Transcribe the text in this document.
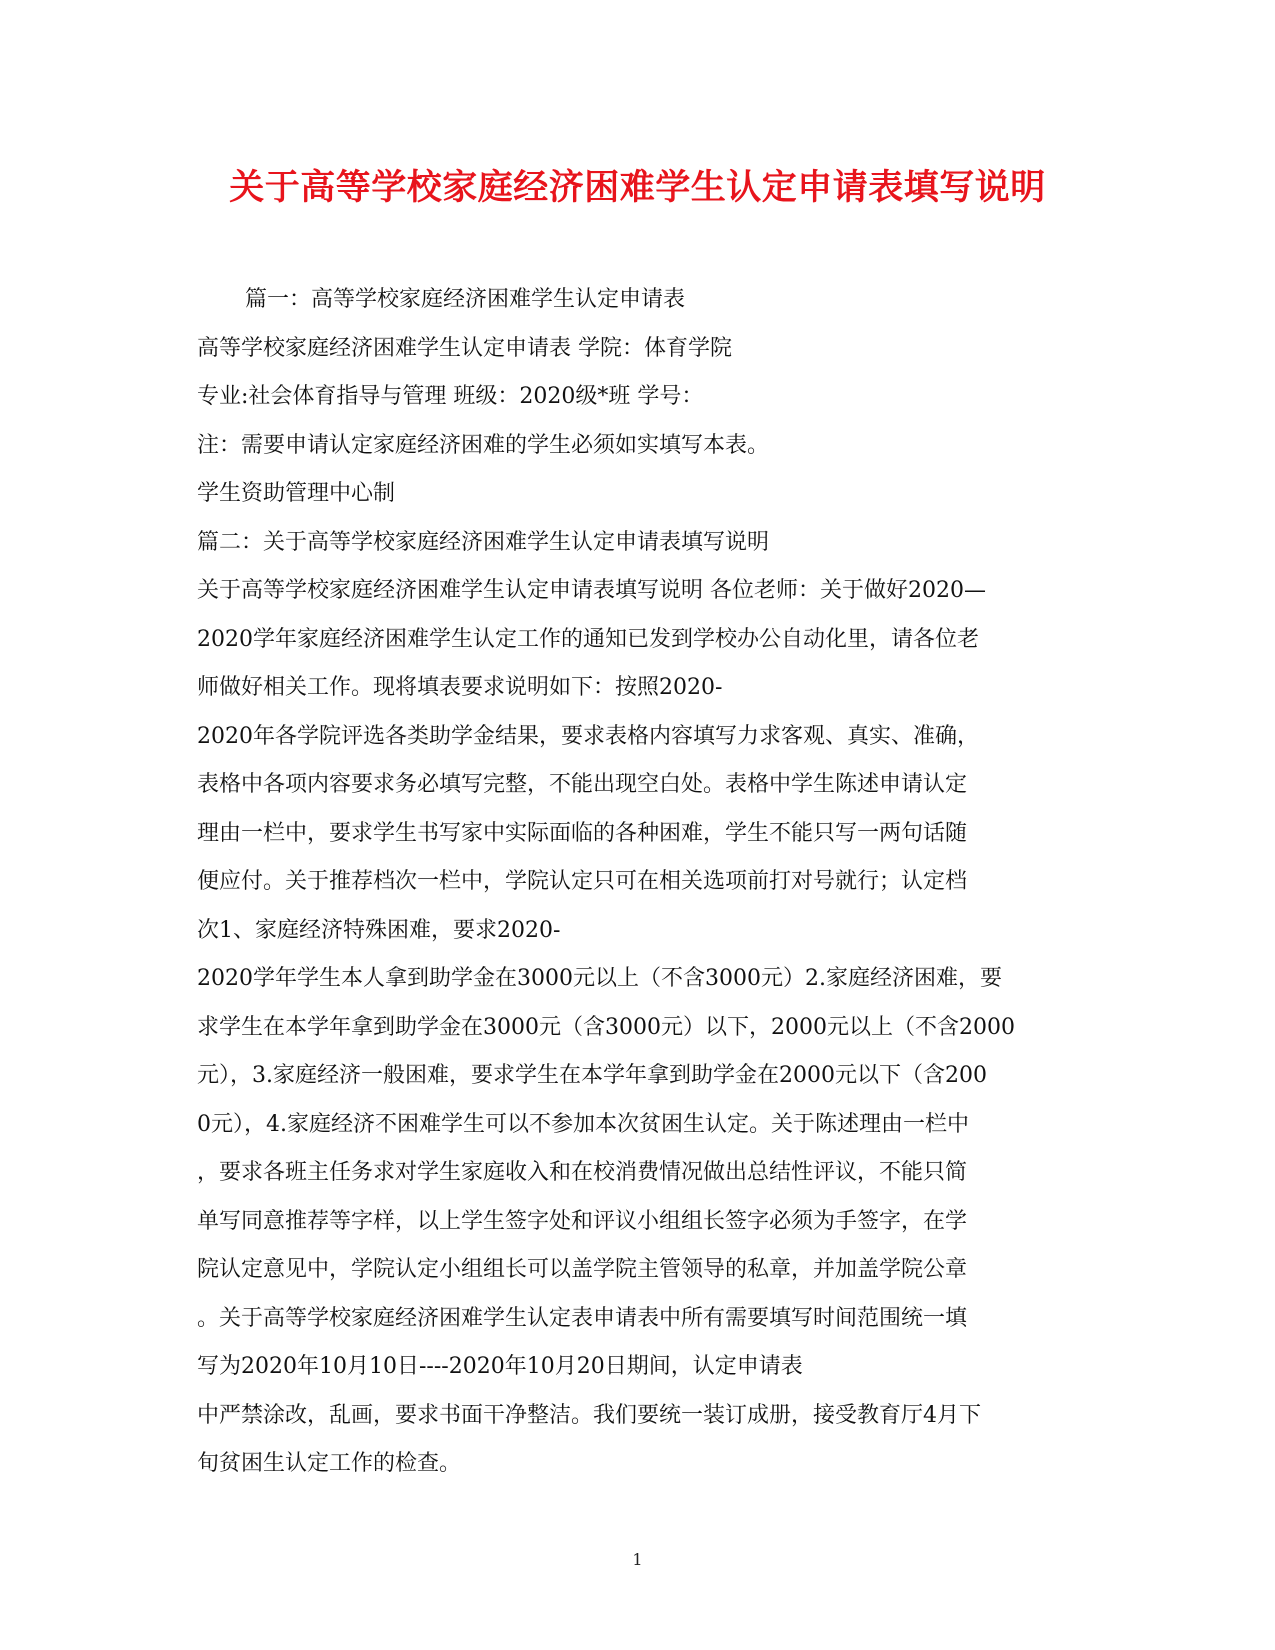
关于高等学校家庭经济困难学生认定申请表填写说明
篇一：高等学校家庭经济困难学生认定申请表
高等学校家庭经济困难学生认定申请表 学院：体育学院
专业:社会体育指导与管理 班级：2020级*班 学号：
注：需要申请认定家庭经济困难的学生必须如实填写本表。
学生资助管理中心制
篇二：关于高等学校家庭经济困难学生认定申请表填写说明
关于高等学校家庭经济困难学生认定申请表填写说明 各位老师：关于做好2020—
2020学年家庭经济困难学生认定工作的通知已发到学校办公自动化里，请各位老
师做好相关工作。现将填表要求说明如下：按照2020-
2020年各学院评选各类助学金结果，要求表格内容填写力求客观、真实、准确，
表格中各项内容要求务必填写完整，不能出现空白处。表格中学生陈述申请认定
理由一栏中，要求学生书写家中实际面临的各种困难，学生不能只写一两句话随
便应付。关于推荐档次一栏中，学院认定只可在相关选项前打对号就行；认定档
次1、家庭经济特殊困难，要求2020-
2020学年学生本人拿到助学金在3000元以上（不含3000元）2.家庭经济困难，要
求学生在本学年拿到助学金在3000元（含3000元）以下，2000元以上（不含2000
元），3.家庭经济一般困难，要求学生在本学年拿到助学金在2000元以下（含200
0元），4.家庭经济不困难学生可以不参加本次贫困生认定。关于陈述理由一栏中
，要求各班主任务求对学生家庭收入和在校消费情况做出总结性评议，不能只简
单写同意推荐等字样，以上学生签字处和评议小组组长签字必须为手签字，在学
院认定意见中，学院认定小组组长可以盖学院主管领导的私章，并加盖学院公章
。关于高等学校家庭经济困难学生认定表申请表中所有需要填写时间范围统一填
写为2020年10月10日----2020年10月20日期间，认定申请表
中严禁涂改，乱画，要求书面干净整洁。我们要统一装订成册，接受教育厅4月下
旬贫困生认定工作的检查。
1
